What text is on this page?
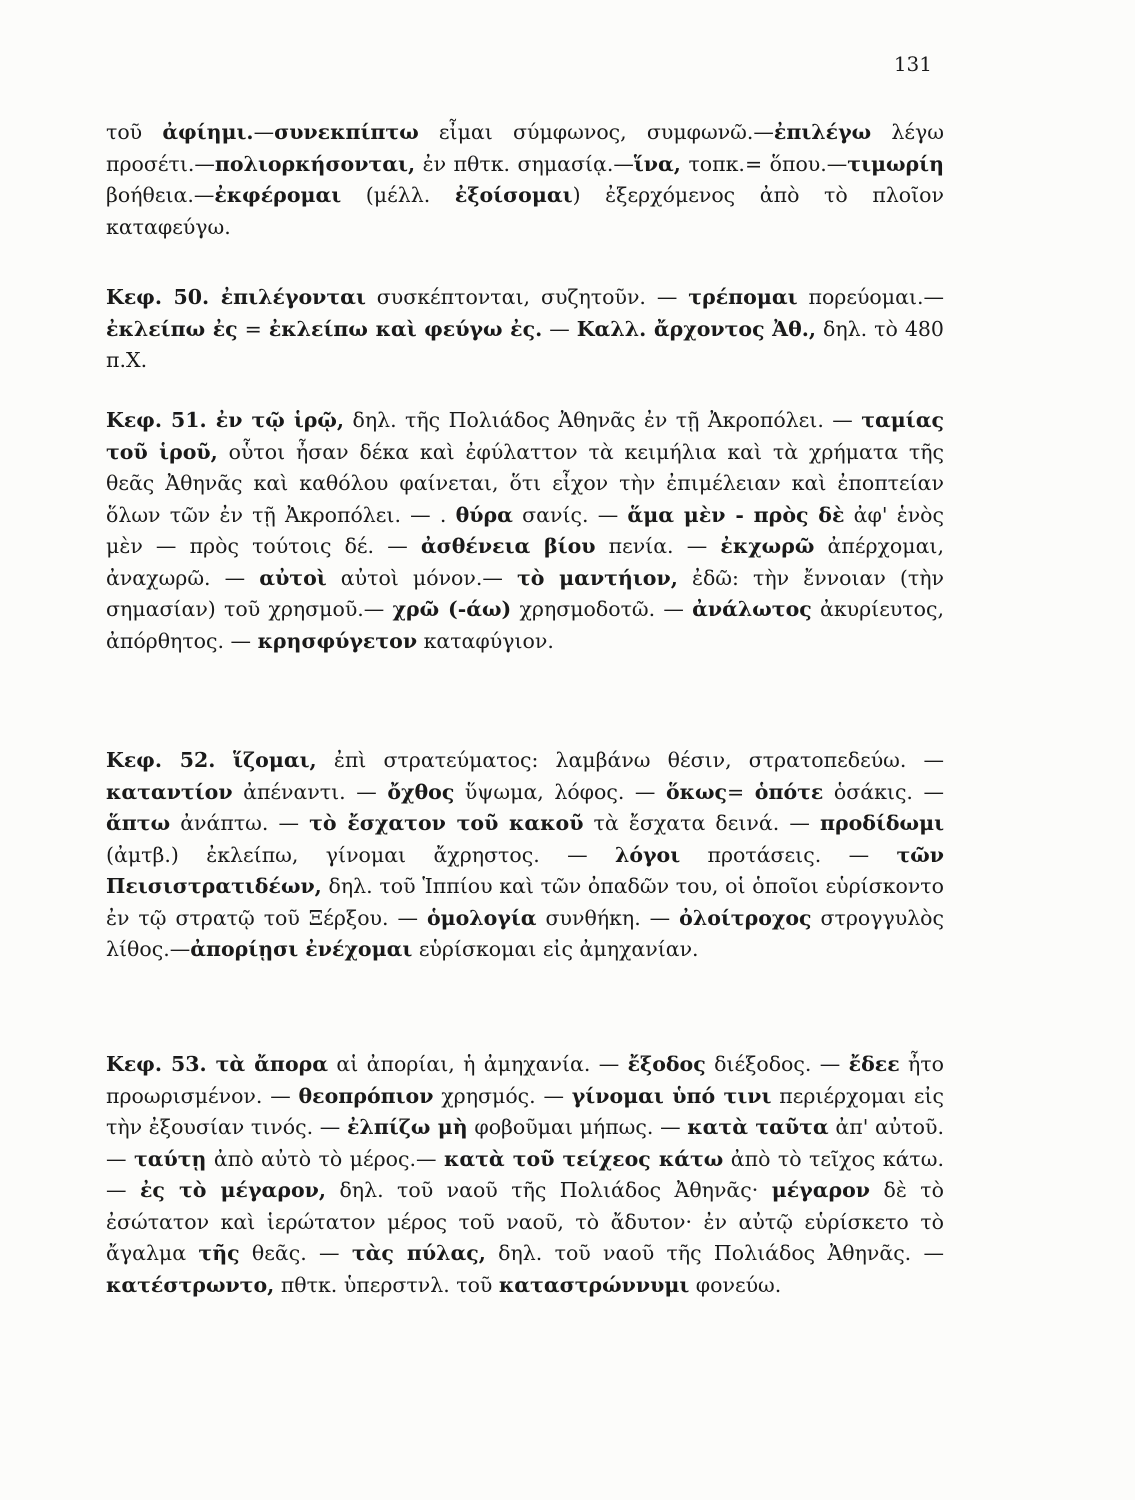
131
τοῦ ἀφίημι.—συνεκπίπτω εἶμαι σύμφωνος, συμφωνῶ.—ἐπιλέγω λέγω προσέτι.—πολιορκήσονται, ἐν πθτκ. σημασίᾳ.—ἵνα, τοπκ.= ὅπου.—τιμωρίη βοήθεια.—ἐκφέρομαι (μέλλ. ἐξοίσομαι) ἐξερχόμενος ἀπὸ τὸ πλοῖον καταφεύγω.
Κεφ. 50. ἐπιλέγονται συσκέπτονται, συζητοῦν. — τρέπομαι πορεύομαι.— ἐκλείπω ἐς = ἐκλείπω καὶ φεύγω ἐς. — Καλλ. ἄρχοντος Ἀθ., δηλ. τὸ 480 π.Χ.
Κεφ. 51. ἐν τῷ ἱρῷ, δηλ. τῆς Πολιάδος Ἀθηνᾶς ἐν τῇ Ἀκροπόλει. — ταμίας τοῦ ἱροῦ, οὗτοι ἦσαν δέκα καὶ ἐφύλαττον τὰ κειμήλια καὶ τὰ χρήματα τῆς θεᾶς Ἀθηνᾶς καὶ καθόλου φαίνεται, ὅτι εἶχον τὴν ἐπιμέλειαν καὶ ἐποπτείαν ὅλων τῶν ἐν τῇ Ἀκροπόλει. — . θύρα σανίς. — ἅμα μὲν - πρὸς δὲ ἀφ' ἑνὸς μὲν — πρὸς τούτοις δέ. — ἀσθένεια βίου πενία. — ἐκχωρῶ ἀπέρχομαι, ἀναχωρῶ. — αὐτοὶ αὐτοὶ μόνον.— τὸ μαντήιον, ἐδῶ: τὴν ἔννοιαν (τὴν σημασίαν) τοῦ χρησμοῦ.— χρῶ (-άω) χρησμοδοτῶ. — ἀνάλωτος ἀκυρίευτος, ἀπόρθητος. — κρησφύγετον καταφύγιον.
Κεφ. 52. ἵζομαι, ἐπὶ στρατεύματος: λαμβάνω θέσιν, στρατοπεδεύω. — καταντίον ἀπέναντι. — ὄχθος ὕψωμα, λόφος. — ὅκως= ὁπότε ὁσάκις. — ἅπτω ἀνάπτω. — τὸ ἔσχατον τοῦ κακοῦ τὰ ἔσχατα δεινά. — προδίδωμι (ἀμτβ.) ἐκλείπω, γίνομαι ἄχρηστος. — λόγοι προτάσεις. — τῶν Πεισιστρατιδέων, δηλ. τοῦ Ἱππίου καὶ τῶν ὀπαδῶν του, οἱ ὁποῖοι εὑρίσκοντο ἐν τῷ στρατῷ τοῦ Ξέρξου. — ὁμολογία συνθήκη. — ὀλοίτροχος στρογγυλὸς λίθος.—ἀπορίῃσι ἐνέχομαι εὑρίσκομαι εἰς ἀμηχανίαν.
Κεφ. 53. τὰ ἄπορα αἱ ἀπορίαι, ἡ ἀμηχανία. — ἔξοδος διέξοδος. — ἔδεε ἦτο προωρισμένον. — θεοπρόπιον χρησμός. — γίνομαι ὑπό τινι περιέρχομαι εἰς τὴν ἐξουσίαν τινός. — ἐλπίζω μὴ φοβοῦμαι μήπως. — κατὰ ταῦτα ἀπ' αὐτοῦ. — ταύτῃ ἀπὸ αὐτὸ τὸ μέρος.— κατὰ τοῦ τείχεος κάτω ἀπὸ τὸ τεῖχος κάτω. — ἐς τὸ μέγαρον, δηλ. τοῦ ναοῦ τῆς Πολιάδος Ἀθηνᾶς· μέγαρον δὲ τὸ ἐσώτατον καὶ ἱερώτατον μέρος τοῦ ναοῦ, τὸ ἄδυτον· ἐν αὐτῷ εὑρίσκετο τὸ ἄγαλμα τῆς θεᾶς. — τὰς πύλας, δηλ. τοῦ ναοῦ τῆς Πολιάδος Ἀθηνᾶς. — κατέστρωντο, πθτκ. ὑπερστνλ. τοῦ καταστρώννυμι φονεύω.
